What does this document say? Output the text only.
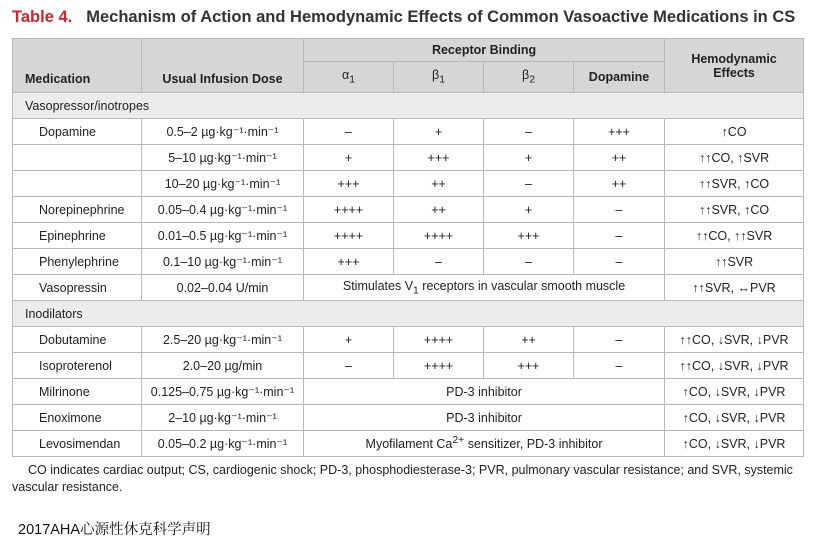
Table 4. Mechanism of Action and Hemodynamic Effects of Common Vasoactive Medications in CS
Medication	Usual Infusion Dose	Receptor Binding				Hemodynamic Effects
		$\alpha_1$	$\beta_1$	$\beta_2$	Dopamine	
Vasopressor/inotropes						
Dopamine	0.5–2 µg·kg⁻¹·min⁻¹	–	+	–	+++	↑CO
	5–10 µg·kg⁻¹·min⁻¹	+	+++	+	++	↑↑CO, ↑SVR
	10–20 µg·kg⁻¹·min⁻¹	+++	++	–	++	↑↑SVR, ↑CO
Norepinephrine	0.05–0.4 µg·kg⁻¹·min⁻¹	++++	++	+	–	↑↑SVR, ↑CO
Epinephrine	0.01–0.5 µg·kg⁻¹·min⁻¹	++++	++++	+++	–	↑↑CO, ↑↑SVR
Phenylephrine	0.1–10 µg·kg⁻¹·min⁻¹	+++	–	–	–	↑↑SVR
Vasopressin	0.02–0.04 U/min	Stimulates $V_1$ receptors in vascular smooth muscle				↑↑SVR, ↔PVR
Inodilators						
Dobutamine	2.5–20 µg·kg⁻¹·min⁻¹	+	++++	++	–	↑↑CO, ↓SVR, ↓PVR
Isoproterenol	2.0–20 µg/min	–	++++	+++	–	↑↑CO, ↓SVR, ↓PVR
Milrinone	0.125–0.75 µg·kg⁻¹·min⁻¹	PD-3 inhibitor				↑CO, ↓SVR, ↓PVR
Enoximone	2–10 µg·kg⁻¹·min⁻¹	PD-3 inhibitor				↑CO, ↓SVR, ↓PVR
Levosimendan	0.05–0.2 µg·kg⁻¹·min⁻¹	Myofilament $Ca^{2+}$ sensitizer, PD-3 inhibitor				↑CO, ↓SVR, ↓PVR
CO indicates cardiac output; CS, cardiogenic shock; PD-3, phosphodiesterase-3; PVR, pulmonary vascular resistance; and SVR, systemic vascular resistance.
2017AHA心源性休克科学声明
